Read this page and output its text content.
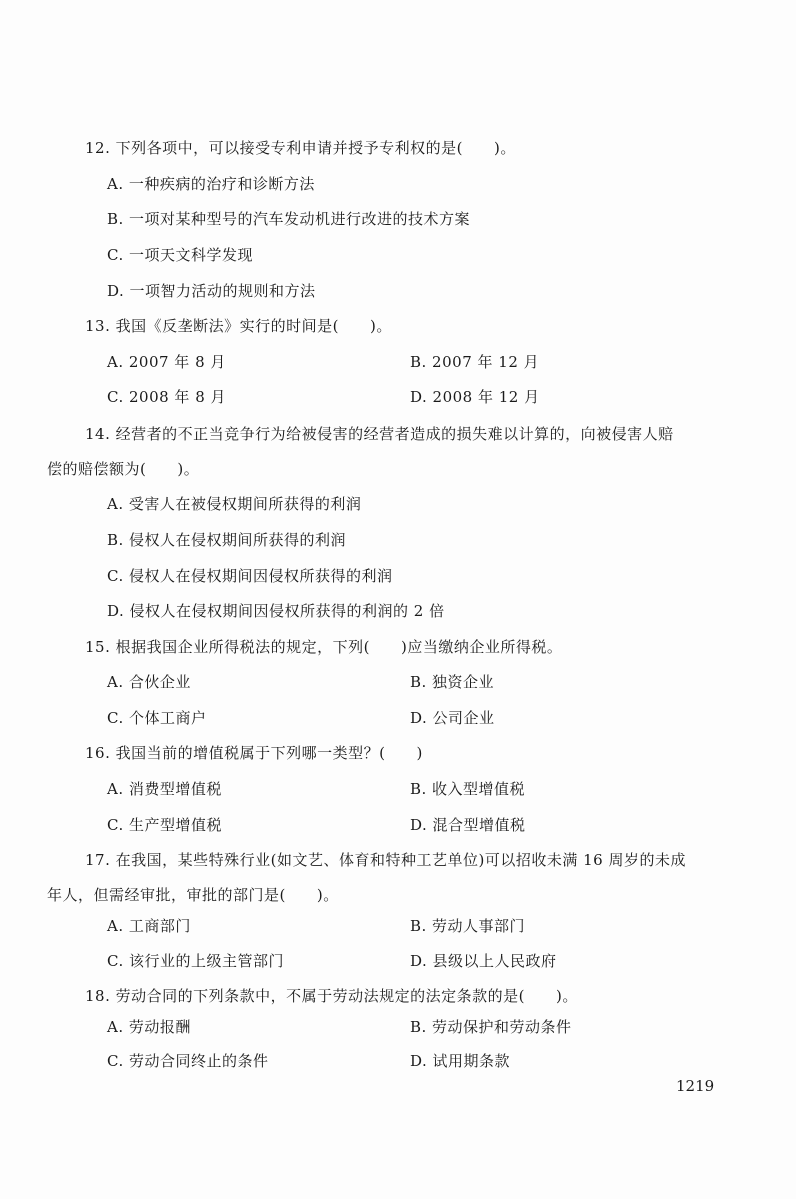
12. 下列各项中，可以接受专利申请并授予专利权的是(　　)。
A. 一种疾病的治疗和诊断方法
B. 一项对某种型号的汽车发动机进行改进的技术方案
C. 一项天文科学发现
D. 一项智力活动的规则和方法
13. 我国《反垄断法》实行的时间是(　　)。
A. 2007 年 8 月	B. 2007 年 12 月
C. 2008 年 8 月	D. 2008 年 12 月
14. 经营者的不正当竞争行为给被侵害的经营者造成的损失难以计算的，向被侵害人赔
偿的赔偿额为(　　)。
A. 受害人在被侵权期间所获得的利润
B. 侵权人在侵权期间所获得的利润
C. 侵权人在侵权期间因侵权所获得的利润
D. 侵权人在侵权期间因侵权所获得的利润的 2 倍
15. 根据我国企业所得税法的规定，下列(　　)应当缴纳企业所得税。
A. 合伙企业	B. 独资企业
C. 个体工商户	D. 公司企业
16. 我国当前的增值税属于下列哪一类型？(　　)
A. 消费型增值税	B. 收入型增值税
C. 生产型增值税	D. 混合型增值税
17. 在我国，某些特殊行业(如文艺、体育和特种工艺单位)可以招收未满 16 周岁的未成
年人，但需经审批，审批的部门是(　　)。
A. 工商部门	B. 劳动人事部门
C. 该行业的上级主管部门	D. 县级以上人民政府
18. 劳动合同的下列条款中，不属于劳动法规定的法定条款的是(　　)。
A. 劳动报酬	B. 劳动保护和劳动条件
C. 劳动合同终止的条件	D. 试用期条款
1219
